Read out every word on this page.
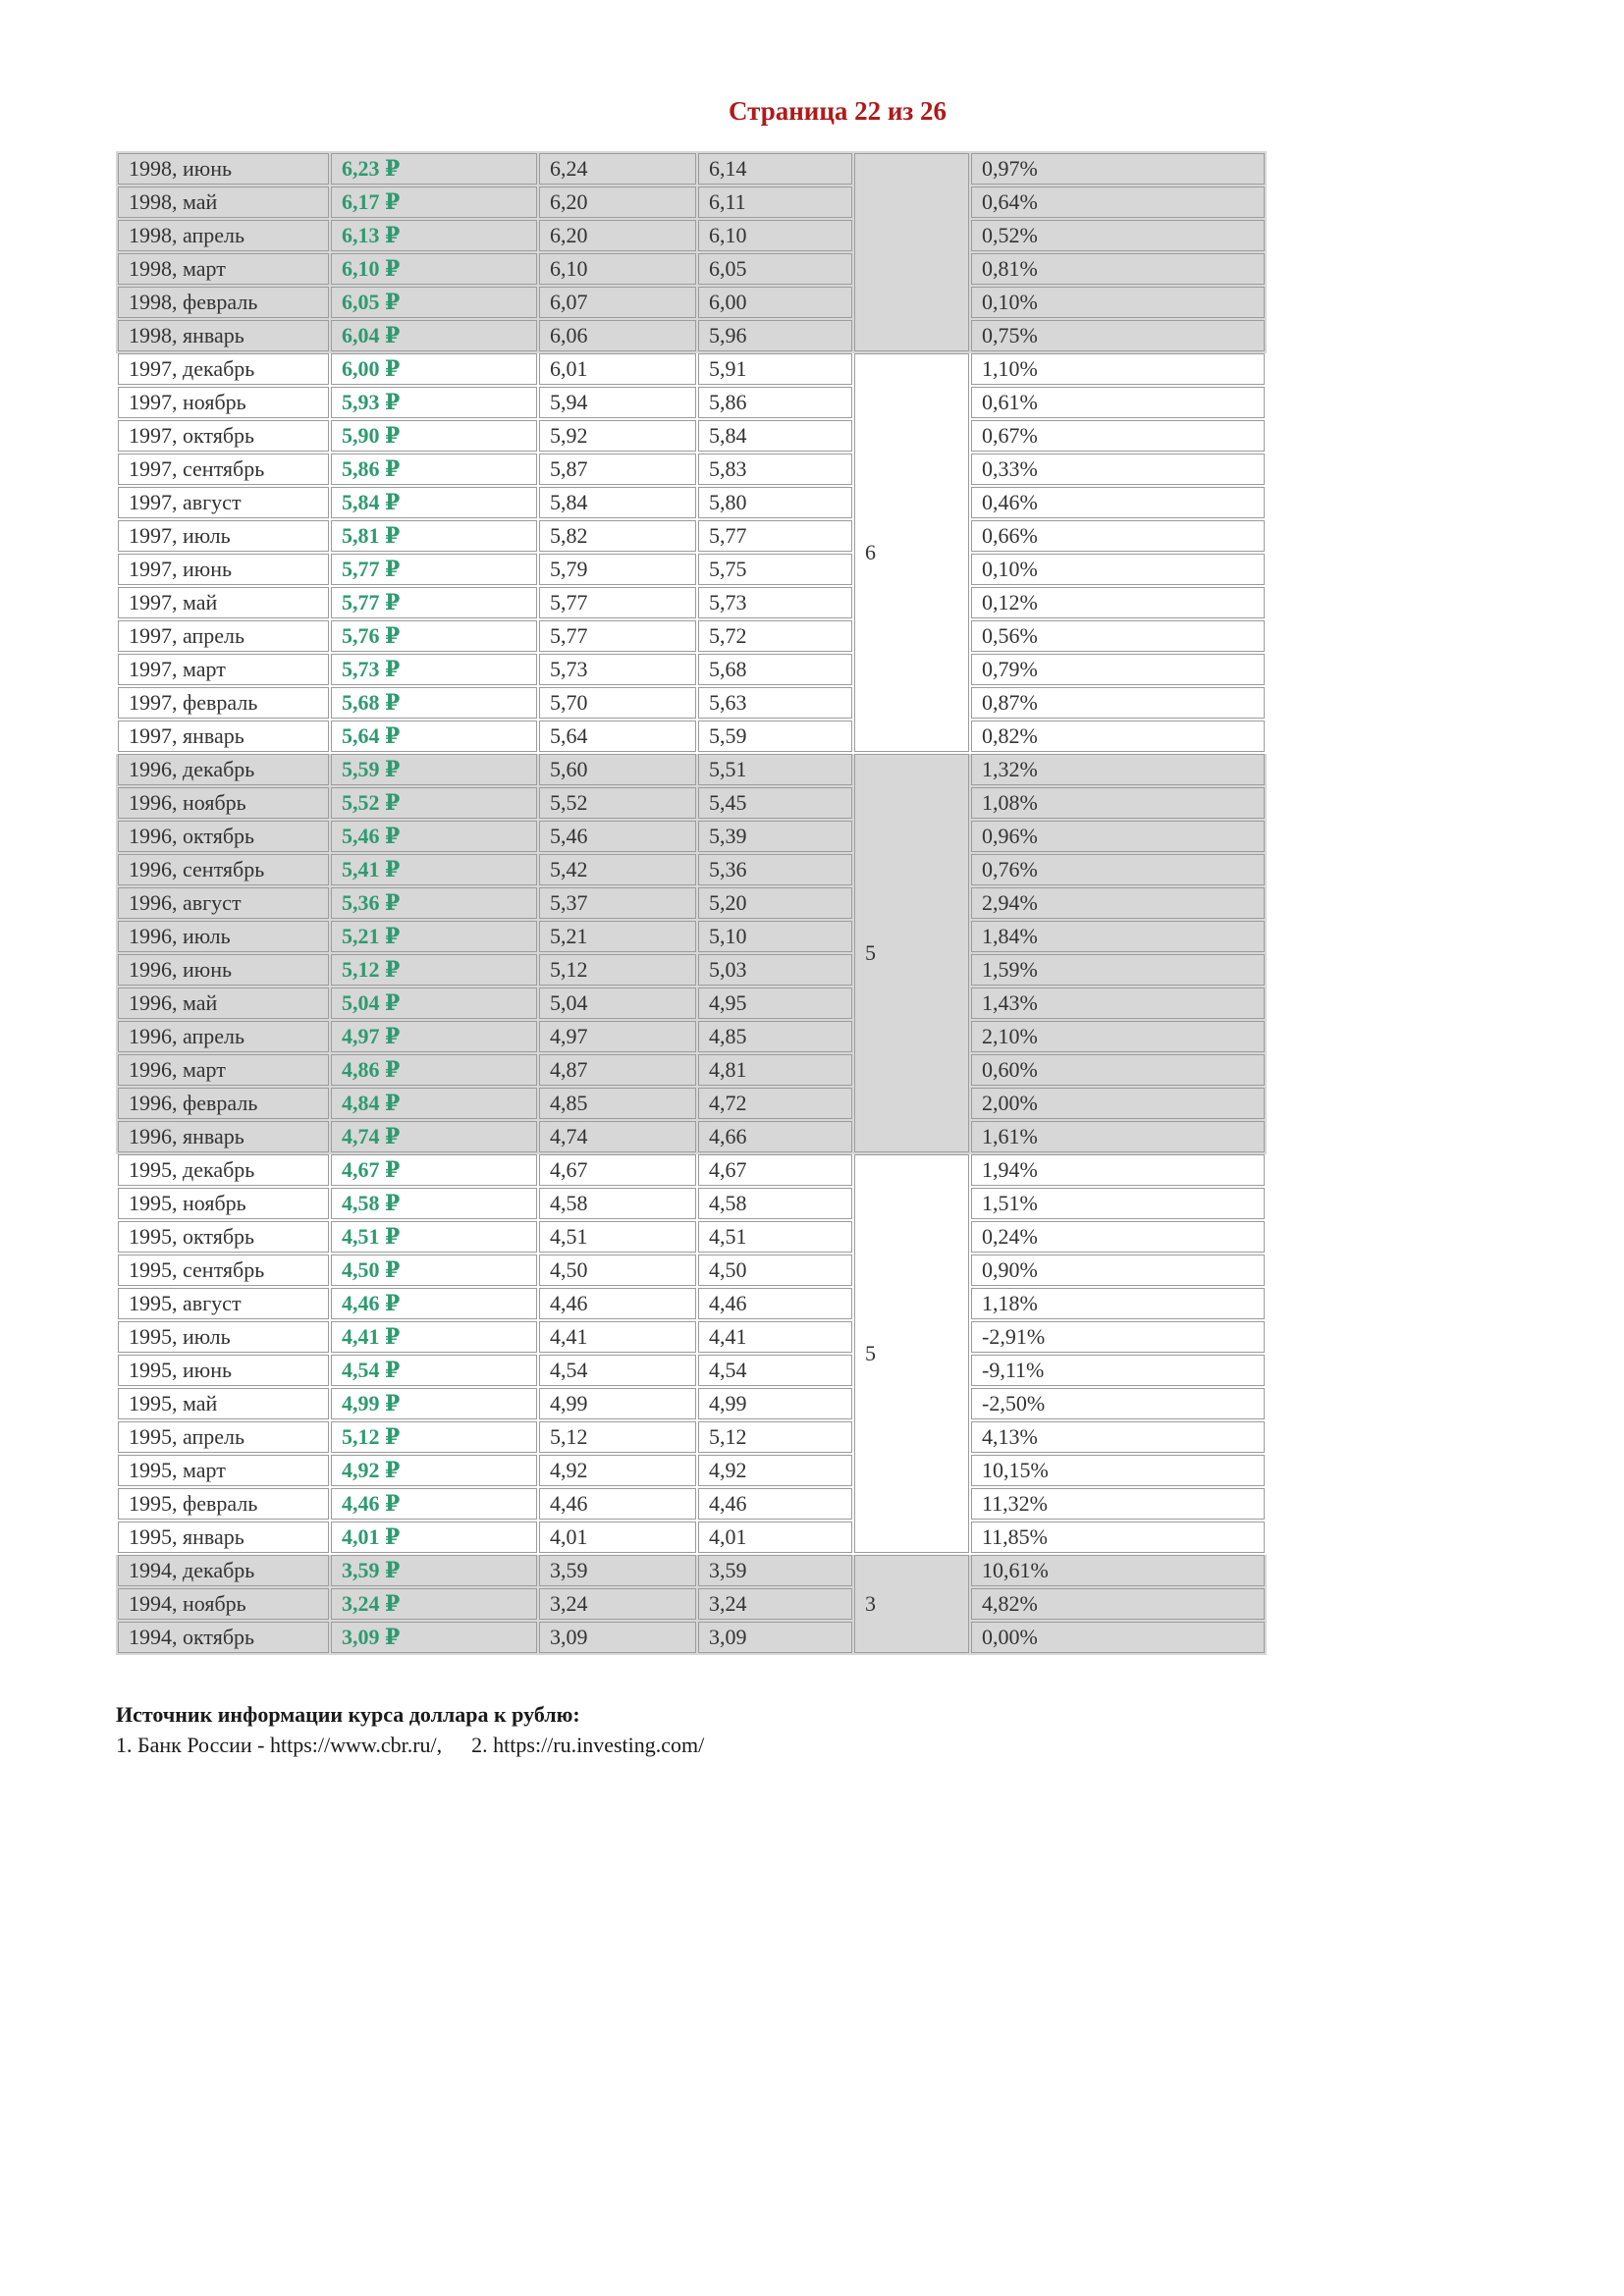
Страница 22 из 26
1998, июнь	6,23 ₽	6,24	6,14		0,97%
1998, май	6,17 ₽	6,20	6,11		0,64%
1998, апрель	6,13 ₽	6,20	6,10		0,52%
1998, март	6,10 ₽	6,10	6,05		0,81%
1998, февраль	6,05 ₽	6,07	6,00		0,10%
1998, январь	6,04 ₽	6,06	5,96		0,75%
1997, декабрь	6,00 ₽	6,01	5,91	6	1,10%
1997, ноябрь	5,93 ₽	5,94	5,86		0,61%
1997, октябрь	5,90 ₽	5,92	5,84		0,67%
1997, сентябрь	5,86 ₽	5,87	5,83		0,33%
1997, август	5,84 ₽	5,84	5,80		0,46%
1997, июль	5,81 ₽	5,82	5,77		0,66%
1997, июнь	5,77 ₽	5,79	5,75		0,10%
1997, май	5,77 ₽	5,77	5,73		0,12%
1997, апрель	5,76 ₽	5,77	5,72		0,56%
1997, март	5,73 ₽	5,73	5,68		0,79%
1997, февраль	5,68 ₽	5,70	5,63		0,87%
1997, январь	5,64 ₽	5,64	5,59		0,82%
1996, декабрь	5,59 ₽	5,60	5,51	5	1,32%
1996, ноябрь	5,52 ₽	5,52	5,45		1,08%
1996, октябрь	5,46 ₽	5,46	5,39		0,96%
1996, сентябрь	5,41 ₽	5,42	5,36		0,76%
1996, август	5,36 ₽	5,37	5,20		2,94%
1996, июль	5,21 ₽	5,21	5,10		1,84%
1996, июнь	5,12 ₽	5,12	5,03		1,59%
1996, май	5,04 ₽	5,04	4,95		1,43%
1996, апрель	4,97 ₽	4,97	4,85		2,10%
1996, март	4,86 ₽	4,87	4,81		0,60%
1996, февраль	4,84 ₽	4,85	4,72		2,00%
1996, январь	4,74 ₽	4,74	4,66		1,61%
1995, декабрь	4,67 ₽	4,67	4,67	5	1,94%
1995, ноябрь	4,58 ₽	4,58	4,58		1,51%
1995, октябрь	4,51 ₽	4,51	4,51		0,24%
1995, сентябрь	4,50 ₽	4,50	4,50		0,90%
1995, август	4,46 ₽	4,46	4,46		1,18%
1995, июль	4,41 ₽	4,41	4,41		-2,91%
1995, июнь	4,54 ₽	4,54	4,54		-9,11%
1995, май	4,99 ₽	4,99	4,99		-2,50%
1995, апрель	5,12 ₽	5,12	5,12		4,13%
1995, март	4,92 ₽	4,92	4,92		10,15%
1995, февраль	4,46 ₽	4,46	4,46		11,32%
1995, январь	4,01 ₽	4,01	4,01		11,85%
1994, декабрь	3,59 ₽	3,59	3,59	3	10,61%
1994, ноябрь	3,24 ₽	3,24	3,24		4,82%
1994, октябрь	3,09 ₽	3,09	3,09		0,00%
Источник информации курса доллара к рублю:
1. Банк России - https://www.cbr.ru/, 2. https://ru.investing.com/
